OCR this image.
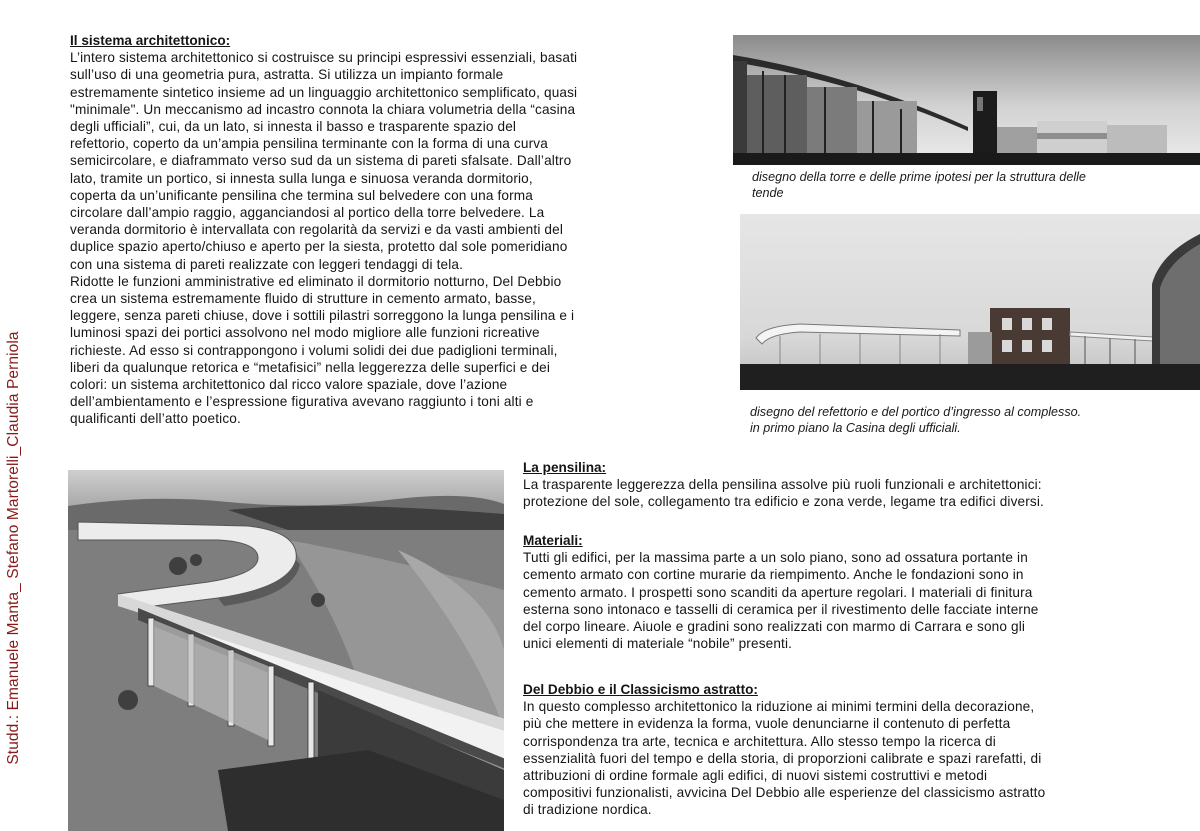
Studd.: Emanuele Manta_ Stefano Martorelli_Claudia Perniola
Il sistema architettonico:
L’intero sistema architettonico si costruisce su principi espressivi essenziali, basati
sull’uso di una geometria pura, astratta. Si utilizza un impianto formale
estremamente sintetico insieme ad un linguaggio architettonico semplificato, quasi
"minimale". Un meccanismo ad incastro connota la chiara volumetria della “casina
degli ufficiali”, cui, da un lato, si innesta il basso e trasparente spazio del
refettorio, coperto da un’ampia pensilina terminante con la forma di una curva
semicircolare, e diaframmato verso sud da un sistema di pareti sfalsate. Dall’altro
lato, tramite un portico, si innesta sulla lunga e sinuosa veranda dormitorio,
coperta da un’unificante pensilina che termina sul belvedere con una forma
circolare dall’ampio raggio, agganciandosi al portico della torre belvedere. La
veranda dormitorio è intervallata con regolarità da servizi e da vasti ambienti del
duplice spazio aperto/chiuso e aperto per la siesta, protetto dal sole pomeridiano
con una sistema di pareti realizzate con leggeri tendaggi di tela.
Ridotte le funzioni amministrative ed eliminato il dormitorio notturno, Del Debbio
crea un sistema estremamente fluido di strutture in cemento armato, basse,
leggere, senza pareti chiuse, dove i sottili pilastri sorreggono la lunga pensilina e i
luminosi spazi dei portici assolvono nel modo migliore alle funzioni ricreative
richieste. Ad esso si contrappongono i volumi solidi dei due padiglioni terminali,
liberi da qualunque retorica e “metafisici” nella leggerezza delle superfici e dei
colori: un sistema architettonico dal ricco valore spaziale, dove l’azione
dell’ambientamento e l’espressione figurativa avevano raggiunto i toni alti e
qualificanti dell’atto poetico.
disegno della torre e delle prime ipotesi per la struttura delle
tende
disegno del refettorio e del portico d’ingresso al complesso.
in primo piano la Casina degli ufficiali.
La pensilina:
La trasparente leggerezza della pensilina assolve più ruoli funzionali e architettonici:
protezione del sole, collegamento tra edificio e zona verde, legame tra edifici diversi.
Materiali:
Tutti gli edifici, per la massima parte a un solo piano, sono ad ossatura portante in
cemento armato con cortine murarie da riempimento. Anche le fondazioni sono in
cemento armato. I prospetti sono scanditi da aperture regolari. I materiali di finitura
esterna sono intonaco e tasselli di ceramica per il rivestimento delle facciate interne
del corpo lineare. Aiuole e gradini sono realizzati con marmo di Carrara e sono gli
unici elementi di materiale “nobile” presenti.
Del Debbio e il Classicismo astratto:
In questo complesso architettonico la riduzione ai minimi termini della decorazione,
più che mettere in evidenza la forma, vuole denunciarne il contenuto di perfetta
corrispondenza tra arte, tecnica e architettura. Allo stesso tempo la ricerca di
essenzialità fuori del tempo e della storia, di proporzioni calibrate e spazi rarefatti, di
attribuzioni di ordine formale agli edifici, di nuovi sistemi costruttivi e metodi
compositivi funzionalisti, avvicina Del Debbio alle esperienze del classicismo astratto
di tradizione nordica.
